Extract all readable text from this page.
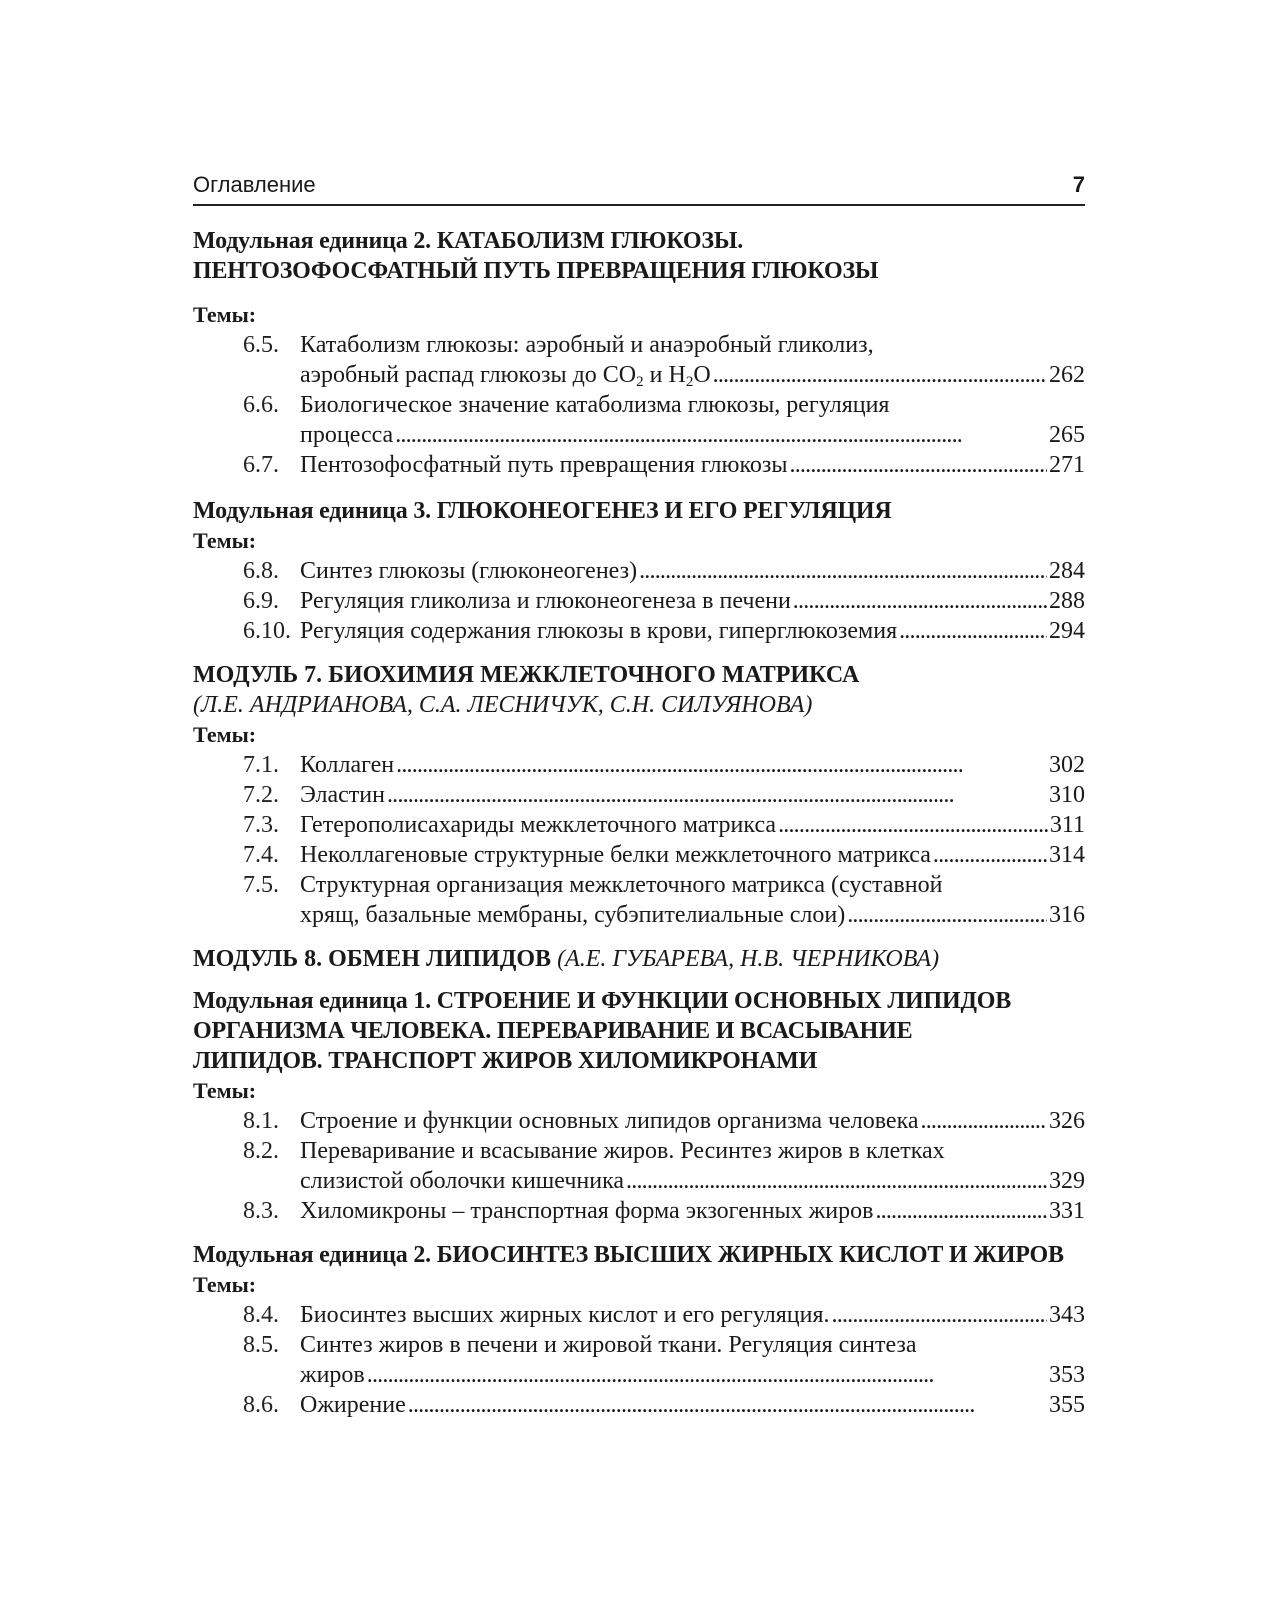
Оглавление	7
Модульная единица 2. КАТАБОЛИЗМ ГЛЮКОЗЫ.
ПЕНТОЗОФОСФАТНЫЙ ПУТЬ ПРЕВРАЩЕНИЯ ГЛЮКОЗЫ
Темы:
6.5. Катаболизм глюкозы: аэробный и анаэробный гликолиз,
аэробный распад глюкозы до $CO_2$ и $H_2O$ . . .	262
6.6. Биологическое значение катаболизма глюкозы, регуляция
процесса . . .	265
6.7. Пентозофосфатный путь превращения глюкозы . . .	271
Модульная единица 3. ГЛЮКОНЕОГЕНЕЗ И ЕГО РЕГУЛЯЦИЯ
Темы:
6.8. Синтез глюкозы (глюконеогенез) . . .	284
6.9. Регуляция гликолиза и глюконеогенеза в печени . . .	288
6.10. Регуляция содержания глюкозы в крови, гиперглюкоземия . . .	294
МОДУЛЬ 7. БИОХИМИЯ МЕЖКЛЕТОЧНОГО МАТРИКСА
(Л.Е. АНДРИАНОВА, С.А. ЛЕСНИЧУК, С.Н. СИЛУЯНОВА)
Темы:
7.1. Коллаген . . .	302
7.2. Эластин . . .	310
7.3. Гетерополисахариды межклеточного матрикса . . .	311
7.4. Неколлагеновые структурные белки межклеточного матрикса . . .	314
7.5. Структурная организация межклеточного матрикса (суставной
хрящ, базальные мембраны, субэпителиальные слои) . . .	316
МОДУЛЬ 8. ОБМЕН ЛИПИДОВ (А.Е. ГУБАРЕВА, Н.В. ЧЕРНИКОВА)
Модульная единица 1. СТРОЕНИЕ И ФУНКЦИИ ОСНОВНЫХ ЛИПИДОВ
ОРГАНИЗМА ЧЕЛОВЕКА. ПЕРЕВАРИВАНИЕ И ВСАСЫВАНИЕ
ЛИПИДОВ. ТРАНСПОРТ ЖИРОВ ХИЛОМИКРОНАМИ
Темы:
8.1. Строение и функции основных липидов организма человека . . .	326
8.2. Переваривание и всасывание жиров. Ресинтез жиров в клетках
слизистой оболочки кишечника . . .	329
8.3. Хиломикроны – транспортная форма экзогенных жиров . . .	331
Модульная единица 2. БИОСИНТЕЗ ВЫСШИХ ЖИРНЫХ КИСЛОТ И ЖИРОВ
Темы:
8.4. Биосинтез высших жирных кислот и его регуляция. . . .	343
8.5. Синтез жиров в печени и жировой ткани. Регуляция синтеза
жиров . . .	353
8.6. Ожирение . . .	355
